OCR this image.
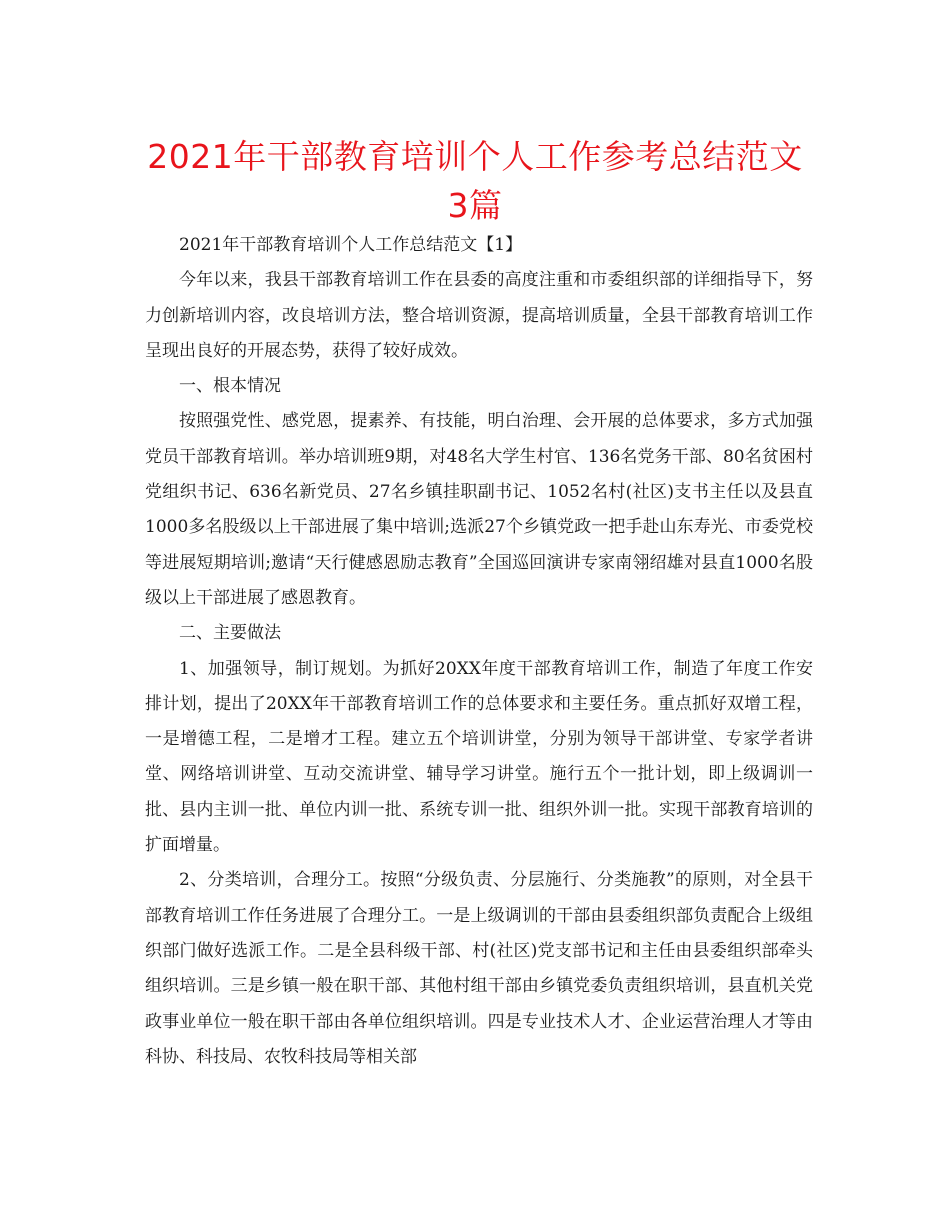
2021年干部教育培训个人工作参考总结范文3篇

2021年干部教育培训个人工作总结范文【1】

今年以来，我县干部教育培训工作在县委的高度注重和市委组织部的详细指导下，努力创新培训内容，改良培训方法，整合培训资源，提高培训质量，全县干部教育培训工作呈现出良好的开展态势，获得了较好成效。

一、根本情况

按照强党性、感党恩，提素养、有技能，明白治理、会开展的总体要求，多方式加强党员干部教育培训。举办培训班9期，对48名大学生村官、136名党务干部、80名贫困村党组织书记、636名新党员、27名乡镇挂职副书记、1052名村(社区)支书主任以及县直1000多名股级以上干部进展了集中培训;选派27个乡镇党政一把手赴山东寿光、市委党校等进展短期培训;邀请“天行健感恩励志教育”全国巡回演讲专家南翎绍雄对县直1000名股级以上干部进展了感恩教育。

二、主要做法

1、加强领导，制订规划。为抓好20XX年度干部教育培训工作，制造了年度工作安排计划，提出了20XX年干部教育培训工作的总体要求和主要任务。重点抓好双增工程，一是增德工程，二是增才工程。建立五个培训讲堂，分别为领导干部讲堂、专家学者讲堂、网络培训讲堂、互动交流讲堂、辅导学习讲堂。施行五个一批计划，即上级调训一批、县内主训一批、单位内训一批、系统专训一批、组织外训一批。实现干部教育培训的扩面增量。

2、分类培训，合理分工。按照“分级负责、分层施行、分类施教”的原则，对全县干部教育培训工作任务进展了合理分工。一是上级调训的干部由县委组织部负责配合上级组织部门做好选派工作。二是全县科级干部、村(社区)党支部书记和主任由县委组织部牵头组织培训。三是乡镇一般在职干部、其他村组干部由乡镇党委负责组织培训，县直机关党政事业单位一般在职干部由各单位组织培训。四是专业技术人才、企业运营治理人才等由科协、科技局、农牧科技局等相关部
